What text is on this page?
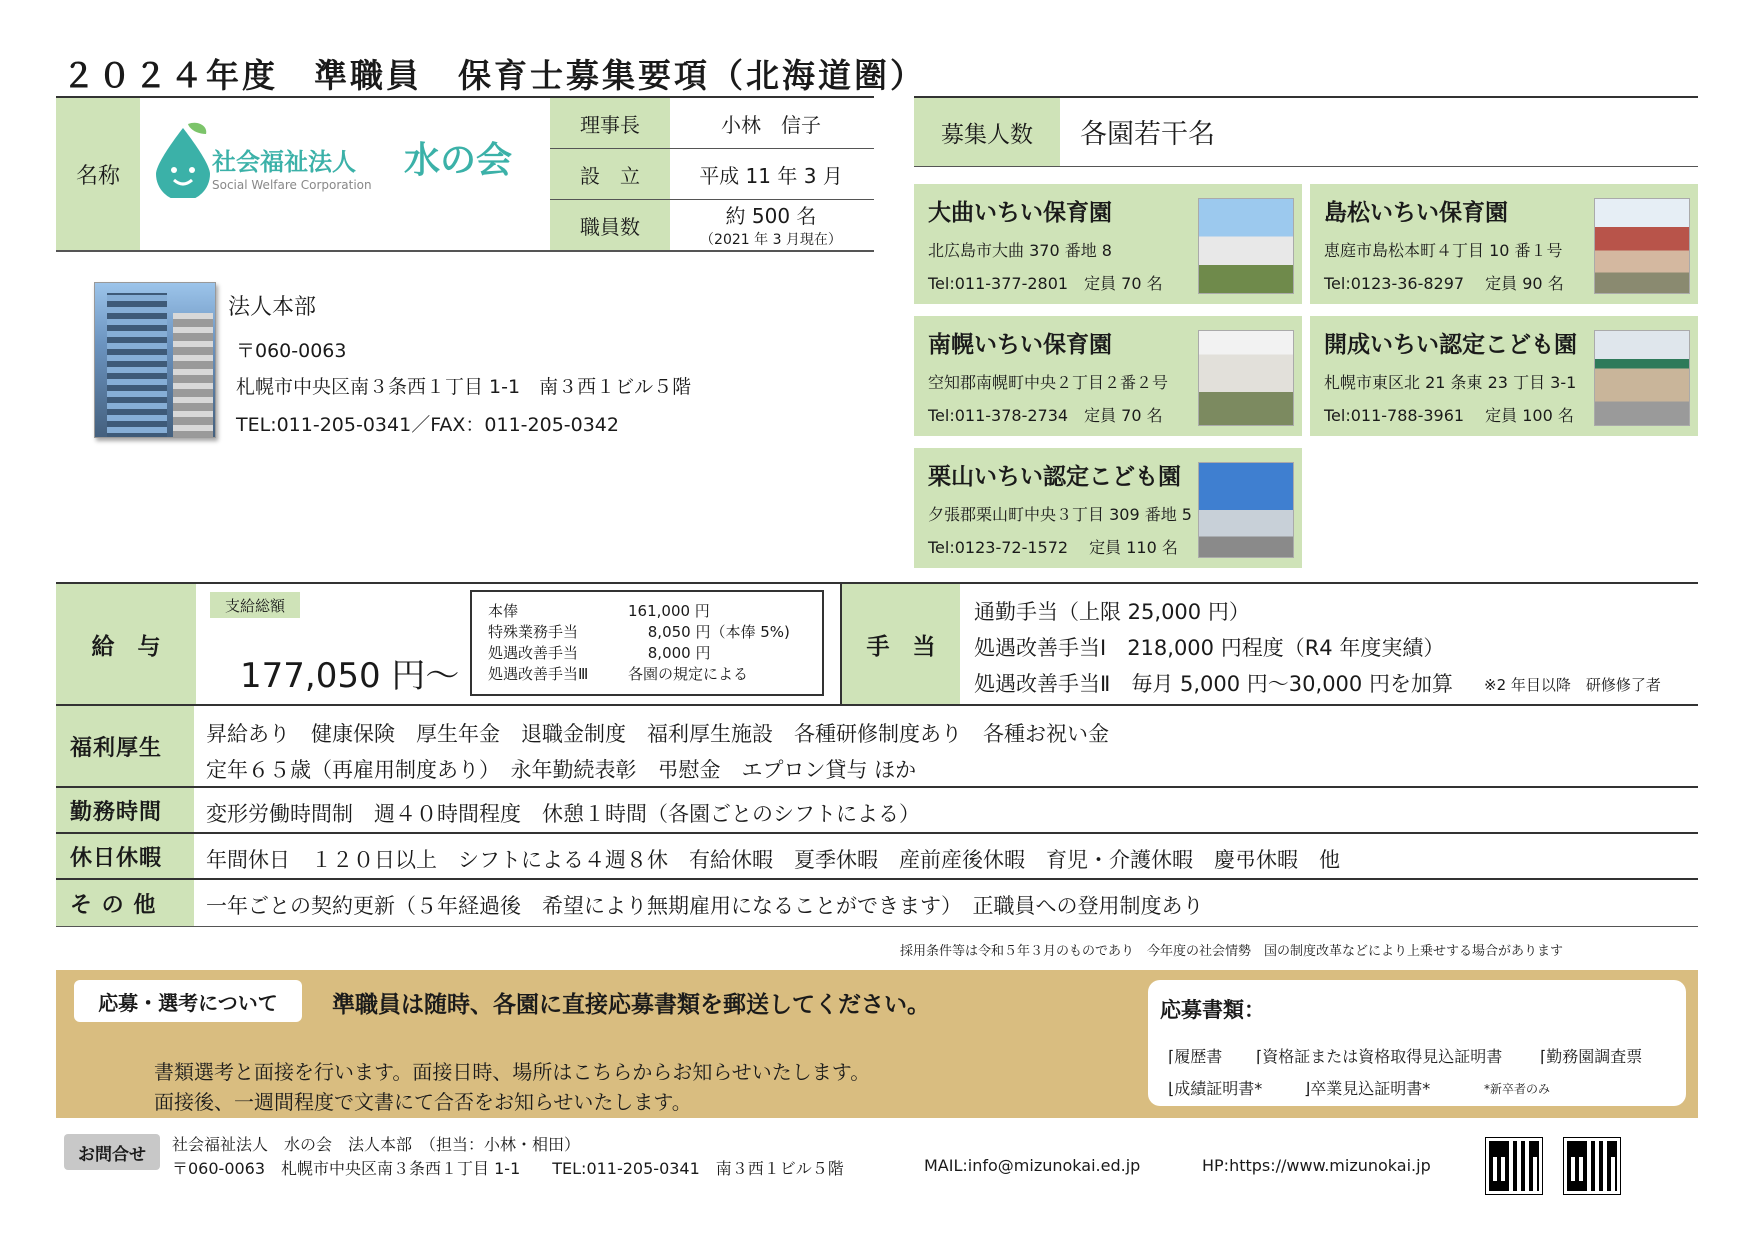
２０２４年度　準職員　保育士募集要項（北海道圏）
名称	社会福祉法人 水の会
Social Welfare Corporation
理事長	小林　信子
設　立	平成 11 年 3 月
職員数	約 500 名
（2021 年 3 月現在）
法人本部
〒060-0063
札幌市中央区南３条西１丁目 1-1　南３西１ビル５階
TEL:011-205-0341／FAX：011-205-0342
募集人数	各園若干名
大曲いちい保育園
北広島市大曲 370 番地 8
Tel:011-377-2801　定員 70 名
島松いちい保育園
恵庭市島松本町４丁目 10 番１号
Tel:0123-36-8297　 定員 90 名
南幌いちい保育園
空知郡南幌町中央２丁目２番２号
Tel:011-378-2734　定員 70 名
開成いちい認定こども園
札幌市東区北 21 条東 23 丁目 3-1
Tel:011-788-3961　 定員 100 名
栗山いちい認定こども園
夕張郡栗山町中央３丁目 309 番地 5
Tel:0123-72-1572　 定員 110 名
給　与
支給総額
177,050 円～
本俸	161,000 円
特殊業務手当	　 8,050 円（本俸 5%)
処遇改善手当	　 8,000 円
処遇改善手当Ⅲ	各園の規定による
手　当
通勤手当（上限 25,000 円）
処遇改善手当Ⅰ　218,000 円程度（R4 年度実績）
処遇改善手当Ⅱ　毎月 5,000 円～30,000 円を加算 ※2 年目以降　研修修了者
福利厚生
昇給あり　健康保険　厚生年金　退職金制度　福利厚生施設　各種研修制度あり　各種お祝い金
定年６５歳（再雇用制度あり）　永年勤続表彰　弔慰金　エプロン貸与 ほか
勤務時間	変形労働時間制　週４０時間程度　休憩１時間（各園ごとのシフトによる）
休日休暇	年間休日　１２０日以上　シフトによる４週８休　有給休暇　夏季休暇　産前産後休暇　育児・介護休暇　慶弔休暇　他
そ の 他	一年ごとの契約更新（５年経過後　希望により無期雇用になることができます）　正職員への登用制度あり
採用条件等は令和５年３月のものであり　今年度の社会情勢　国の制度改革などにより上乗せする場合があります
応募・選考について	準職員は随時、各園に直接応募書類を郵送してください。
書類選考と面接を行います。面接日時、場所はこちらからお知らせいたします。
面接後、一週間程度で文書にて合否をお知らせいたします。
応募書類：
⌈履歴書 ⌈資格証または資格取得見込証明書 ⌈勤務園調査票
⌊成績証明書*	⌋卒業見込証明書*	*新卒者のみ
お問合せ	社会福祉法人　水の会　法人本部　（担当：小林・相田）
〒060-0063　札幌市中央区南３条西１丁目 1-1　　TEL:011-205-0341　南３西１ビル５階	MAIL:info@mizunokai.ed.jp	HP:https://www.mizunokai.jp
